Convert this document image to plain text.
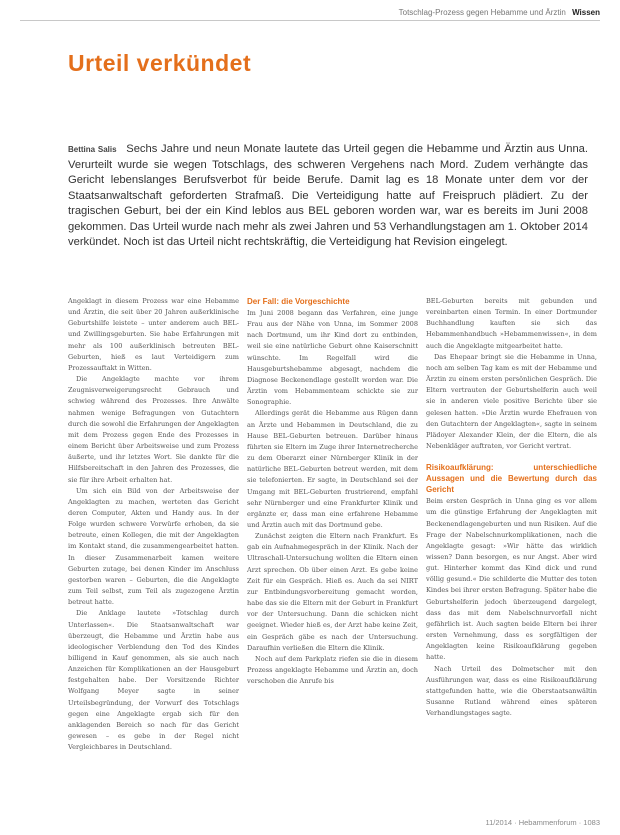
Totschlag-Prozess gegen Hebamme und Ärztin Wissen
Urteil verkündet
Bettina Salis Sechs Jahre und neun Monate lautete das Urteil gegen die Hebamme und Ärztin aus Unna. Verurteilt wurde sie wegen Totschlags, des schweren Vergehens nach Mord. Zudem verhängte das Gericht lebenslanges Berufsverbot für beide Berufe. Damit lag es 18 Monate unter dem vor der Staatsanwaltschaft geforderten Strafmaß. Die Verteidigung hatte auf Freispruch plädiert. Zu der tragischen Geburt, bei der ein Kind leblos aus BEL geboren worden war, war es bereits im Juni 2008 gekommen. Das Urteil wurde nach mehr als zwei Jahren und 53 Verhandlungstagen am 1. Oktober 2014 verkündet. Noch ist das Urteil nicht rechtskräftig, die Verteidigung hat Revision eingelegt.

Angeklagt in diesem Prozess war eine Hebamme und Ärztin, die seit über 20 Jahren außerklinische Geburtshilfe leistete – unter anderem auch BEL- und Zwillingsgeburten. Sie habe Erfahrungen mit mehr als 100 außerklinisch betreuten BEL-Geburten, hieß es laut Verteidigern zum Prozessauftakt in Witten.

Die Angeklagte machte vor ihrem Zeugnisverweigerungsrecht Gebrauch und schwieg während des Prozesses. Ihre Anwälte nahmen wenige Befragungen von Gutachtern durch die sowohl die Erfahrungen der Angeklagten mit dem Prozess gegen Ende des Prozesses in einem Bericht über Arbeitsweise und zum Prozess äußerte, und ihr letztes Wort. Sie dankte für die Hilfsbereitschaft in den Jahren des Prozesses, die sie für ihre Arbeit erhalten hat.

Um sich ein Bild von der Arbeitsweise der Angeklagten zu machen, werteten das Gericht deren Computer, Akten und Handy aus. In der Folge wurden schwere Vorwürfe erhoben, da sie betreute, einen Kollegen, die mit der Angeklagten im Kontakt stand, die zusammengearbeitet hatten. In dieser Zusammenarbeit kamen weitere Geburten zutage, bei denen Kinder im Anschluss gestorben waren – Geburten, die die Angeklagte zum Teil selbst, zum Teil als zugezogene Ärztin betreut hatte.

Die Anklage lautete »Totschlag durch Unterlassen«. Die Staatsanwaltschaft war überzeugt, die Hebamme und Ärztin habe aus ideologischer Verblendung den Tod des Kindes billigend in Kauf genommen, als sie auch nach Anzeichen für Komplikationen an der Hausgeburt festgehalten habe. Der Vorsitzende Richter Wolfgang Meyer sagte in seiner Urteilsbegründung, der Vorwurf des Totschlags gegen eine Angeklagte ergab sich für den anklagenden Bereich so nach für das Gericht gewesen – es gebe in der Regel nicht Vergleichbares in Deutschland.

Der Fall: die Vorgeschichte

Im Juni 2008 begann das Verfahren, eine junge Frau aus der Nähe von Unna, im Sommer 2008 nach Dortmund, um ihr Kind dort zu entbinden, weil sie eine natürliche Geburt ohne Kaiserschnitt wünschte. Im Regelfall wird die Hausgeburtshebamme abgesagt, nachdem die Diagnose Beckenendlage gestellt worden war. Die Ärztin vom Hebammenteam schickte sie zur Sonographie.

Allerdings gerät die Hebamme aus Rügen dann an Ärzte und Hebammen in Deutschland, die zu Hause BEL-Geburten betreuen. Darüber hinaus führten sie Eltern im Zuge ihrer Internetrecherche zu dem Oberarzt einer Nürnberger Klinik in der natürliche BEL-Geburten betreut werden, mit dem sie telefonierten. Er sagte, in Deutschland sei der Umgang mit BEL-Geburten frustrierend, empfahl sehr Nürnberger und eine Frankfurter Klinik und ergänzte er, dass man eine erfahrene Hebamme und Ärztin auch mit das Dortmund gebe.

Zunächst zeigten die Eltern nach Frankfurt. Es gab ein Aufnahmegespräch in der Klinik. Nach der Ultraschall-Untersuchung wollten die Eltern einen Arzt sprechen. Ob über einen Arzt. Es gebe keine Zeit für ein Gespräch. Hieß es. Auch da sei NIRT zur Entbindungsvorbereitung gemacht worden, habe das sie die Eltern mit der Geburt in Frankfurt vor der Untersuchung. Dann die schicken nicht geeignet. Wieder hieß es, der Arzt habe keine Zeit, ein Gespräch gäbe es nach der Untersuchung. Daraufhin verließen die Eltern die Klinik.

Noch auf dem Parkplatz riefen sie die in diesem Prozess angeklagte Hebamme und Ärztin an, doch verschoben die Anrufe bis

BEL-Geburten bereits mit gebunden und vereinbarten einen Termin. In einer Dortmunder Buchhandlung kauften sie sich das Hebammenhandbuch »Hebammenwissen«, in dem auch die Angeklagte mitgearbeitet hatte.

Das Ehepaar bringt sie die Hebamme in Unna, noch am selben Tag kam es mit der Hebamme und Ärztin zu einem ersten persönlichen Gespräch. Die Eltern vertrauten der Geburtshelferin auch weil sie in anderen viele positive Berichte über sie gelesen hatten. »Die Ärztin wurde Ehefrauen von den Gutachtern der Angeklagten«, sagte in seinem Plädoyer Alexander Klein, der die Eltern, die als Nebenkläger auftraten, vor Gericht vertrat.

Risikoaufklärung: unterschiedliche Aussagen und die Bewertung durch das Gericht

Beim ersten Gespräch in Unna ging es vor allem um die günstige Erfahrung der Angeklagten mit Beckenendlagengeburten und nun Risiken. Auf die Frage der Nabelschnurkomplikationen, nach die Angeklagte gesagt: »Wir hätte das wirklich wissen? Dann besorgen, es nur Angst. Aber wird gut. Hinterher kommt das Kind dick und rund völlig gesund.« Die schilderte die Mutter des toten Kindes bei ihrer ersten Befragung. Später habe die Geburtshelferin jedoch überzeugend dargelegt, dass das mit dem Nabelschnurvorfall nicht gefährlich ist. Auch sagten beide Eltern bei ihrer ersten Vernehmung, dass es sorgfältigen der Angeklagten keine Risikoaufklärung gegeben hatte.

Nach Urteil des Dolmetscher mit den Ausführungen war, dass es eine Risikoaufklärung stattgefunden hatte, wie die Oberstaatsanwältin Susanne Rutland während eines späteren Verhandlungstages sagte.

11/2014 · Hebammenforum · 1083
